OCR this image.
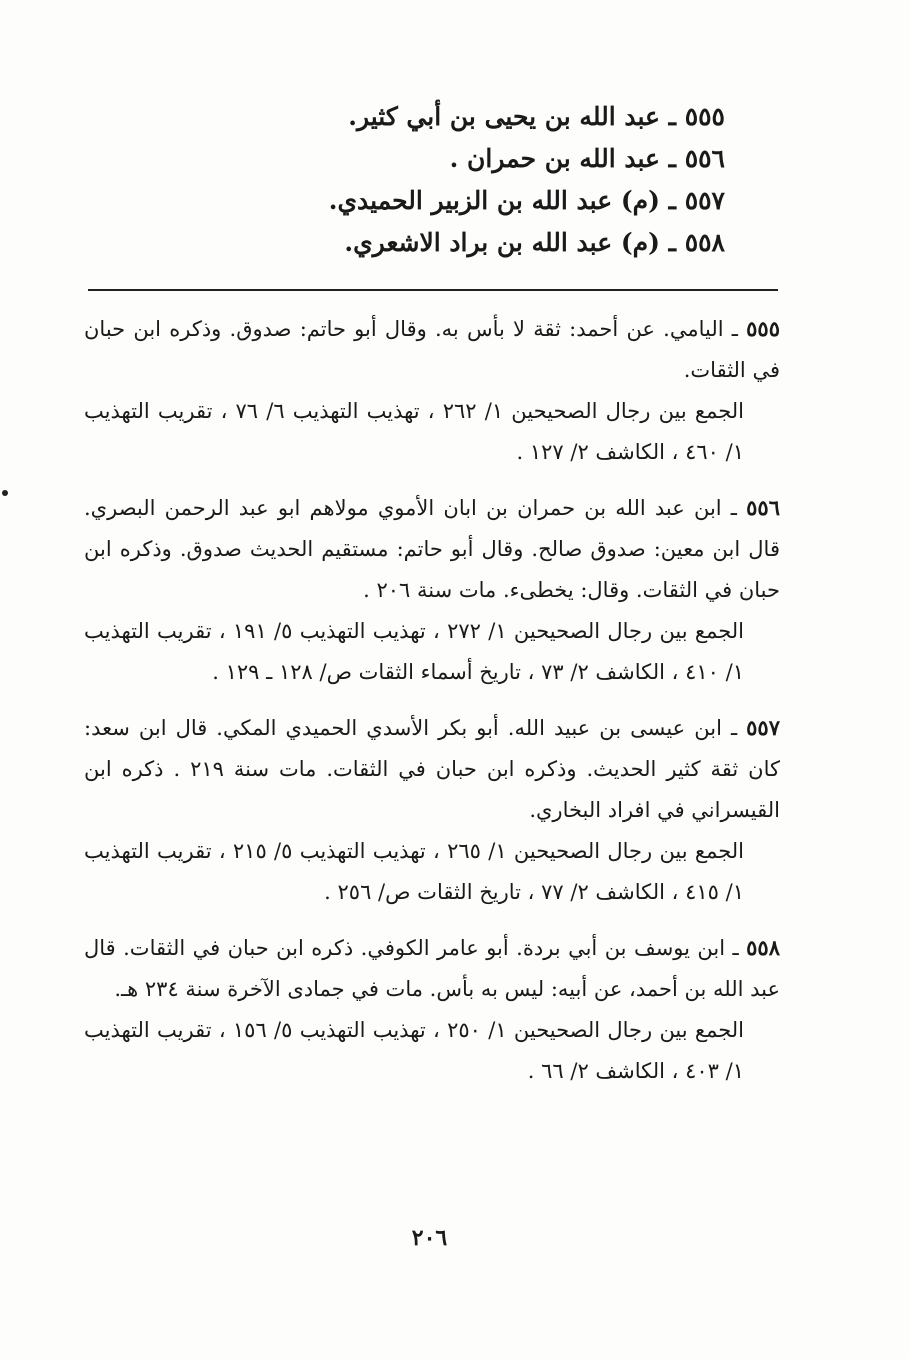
٥٥٥ ـ عبد الله بن يحيى بن أبي كثير.
٥٥٦ ـ عبد الله بن حمران .
٥٥٧ ـ (م) عبد الله بن الزبير الحميدي.
٥٥٨ ـ (م) عبد الله بن براد الاشعري.

٥٥٥ ـ اليامي. عن أحمد: ثقة لا بأس به. وقال أبو حاتم: صدوق. وذكره ابن حبان في الثقات.

الجمع بين رجال الصحيحين ١/ ٢٦٢ ، تهذيب التهذيب ٦/ ٧٦ ، تقريب التهذيب ١/ ٤٦٠ ، الكاشف ٢/ ١٢٧ .

٥٥٦ ـ ابن عبد الله بن حمران بن ابان الأموي مولاهم ابو عبد الرحمن البصري. قال ابن معين: صدوق صالح. وقال أبو حاتم: مستقيم الحديث صدوق. وذكره ابن حبان في الثقات. وقال: يخطىء. مات سنة ٢٠٦ .

الجمع بين رجال الصحيحين ١/ ٢٧٢ ، تهذيب التهذيب ٥/ ١٩١ ، تقريب التهذيب ١/ ٤١٠ ، الكاشف ٢/ ٧٣ ، تاريخ أسماء الثقات ص/ ١٢٨ ـ ١٢٩ .

٥٥٧ ـ ابن عيسى بن عبيد الله. أبو بكر الأسدي الحميدي المكي. قال ابن سعد: كان ثقة كثير الحديث. وذكره ابن حبان في الثقات. مات سنة ٢١٩ . ذكره ابن القيسراني في افراد البخاري.

الجمع بين رجال الصحيحين ١/ ٢٦٥ ، تهذيب التهذيب ٥/ ٢١٥ ، تقريب التهذيب ١/ ٤١٥ ، الكاشف ٢/ ٧٧ ، تاريخ الثقات ص/ ٢٥٦ .

٥٥٨ ـ ابن يوسف بن أبي بردة. أبو عامر الكوفي. ذكره ابن حبان في الثقات. قال عبد الله بن أحمد، عن أبيه: ليس به بأس. مات في جمادى الآخرة سنة ٢٣٤ هـ.

الجمع بين رجال الصحيحين ١/ ٢٥٠ ، تهذيب التهذيب ٥/ ١٥٦ ، تقريب التهذيب ١/ ٤٠٣ ، الكاشف ٢/ ٦٦ .

٢٠٦
